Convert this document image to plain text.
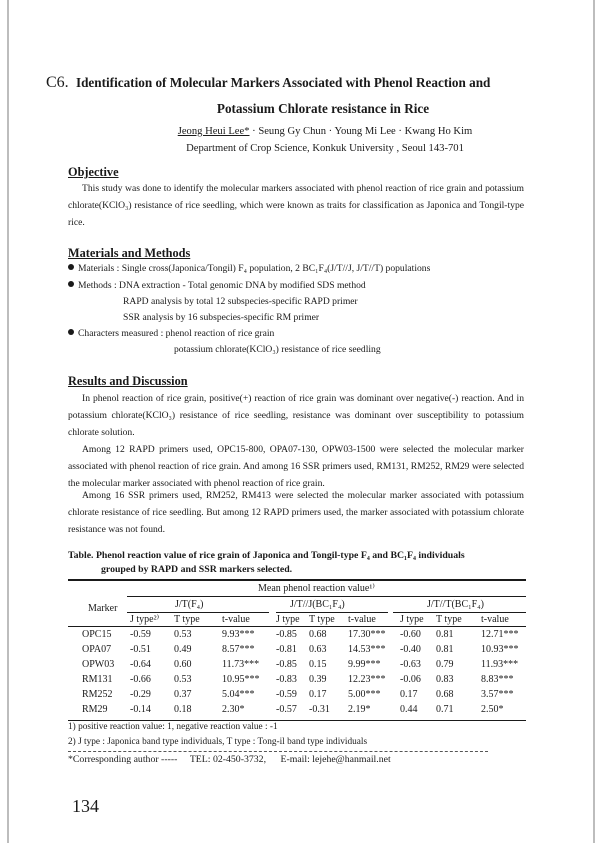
C6. Identification of Molecular Markers Associated with Phenol Reaction and
Potassium Chlorate resistance in Rice
Jeong Heui Lee* · Seung Gy Chun · Young Mi Lee · Kwang Ho Kim
Department of Crop Science, Konkuk University , Seoul 143-701
Objective
This study was done to identify the molecular markers associated with phenol reaction of rice grain and potassium chlorate(KClO₃) resistance of rice seedling, which were known as traits for classification as Japonica and Tongil-type rice.
Materials and Methods
Materials : Single cross(Japonica/Tongil) F₄ population, 2 BC₁F₄(J/T//J, J/T//T) populations
Methods : DNA extraction - Total genomic DNA by modified SDS method
RAPD analysis by total 12 subspecies-specific RAPD primer
SSR analysis by 16 subspecies-specific RM primer
Characters measured : phenol reaction of rice grain
potassium chlorate(KClO₃) resistance of rice seedling
Results and Discussion
In phenol reaction of rice grain, positive(+) reaction of rice grain was dominant over negative(-) reaction. And in potassium chlorate(KClO₃) resistance of rice seedling, resistance was dominant over susceptibility to potassium chlorate solution.
Among 12 RAPD primers used, OPC15-800, OPA07-130, OPW03-1500 were selected the molecular marker associated with phenol reaction of rice grain. And among 16 SSR primers used, RM131, RM252, RM29 were selected the molecular marker associated with phenol reaction of rice grain.
Among 16 SSR primers used, RM252, RM413 were selected the molecular marker associated with potassium chlorate resistance of rice seedling. But among 12 RAPD primers used, the marker associated with potassium chlorate resistance was not found.
Table. Phenol reaction value of rice grain of Japonica and Tongil-type F₄ and BC₁F₄ individuals
grouped by RAPD and SSR markers selected.
Mean phenol reaction value¹⁾
Marker	J/T(F₄)	J/T//J(BC₁F₄)	J/T//T(BC₁F₄)
J type²⁾ T type t-value	J type T type t-value J type T type t-value
OPC15 -0.59 0.53	9.93*** -0.85 0.68 17.30*** -0.60 0.81	12.71***
OPA07 -0.51 0.49	8.57*** -0.81 0.63 14.53*** -0.40 0.81	10.93***
OPW03 -0.64 0.60	11.73*** -0.85 0.15 9.99*** -0.63 0.79	11.93***
RM131 -0.66 0.53	10.95*** -0.83 0.39 12.23*** -0.06 0.83	8.83***
RM252 -0.29 0.37	5.04*** -0.59 0.17 5.00*** 0.17 0.68	3.57***
RM29 -0.14 0.18	2.30*	-0.57 -0.31 2.19*	0.44 0.71	2.50*
1) positive reaction value: 1, negative reaction value : -1
2) J type : Japonica band type individuals, T type : Tong-il band type individuals
*Corresponding author ----- TEL: 02-450-3732, E-mail: lejehe@hanmail.net
134
